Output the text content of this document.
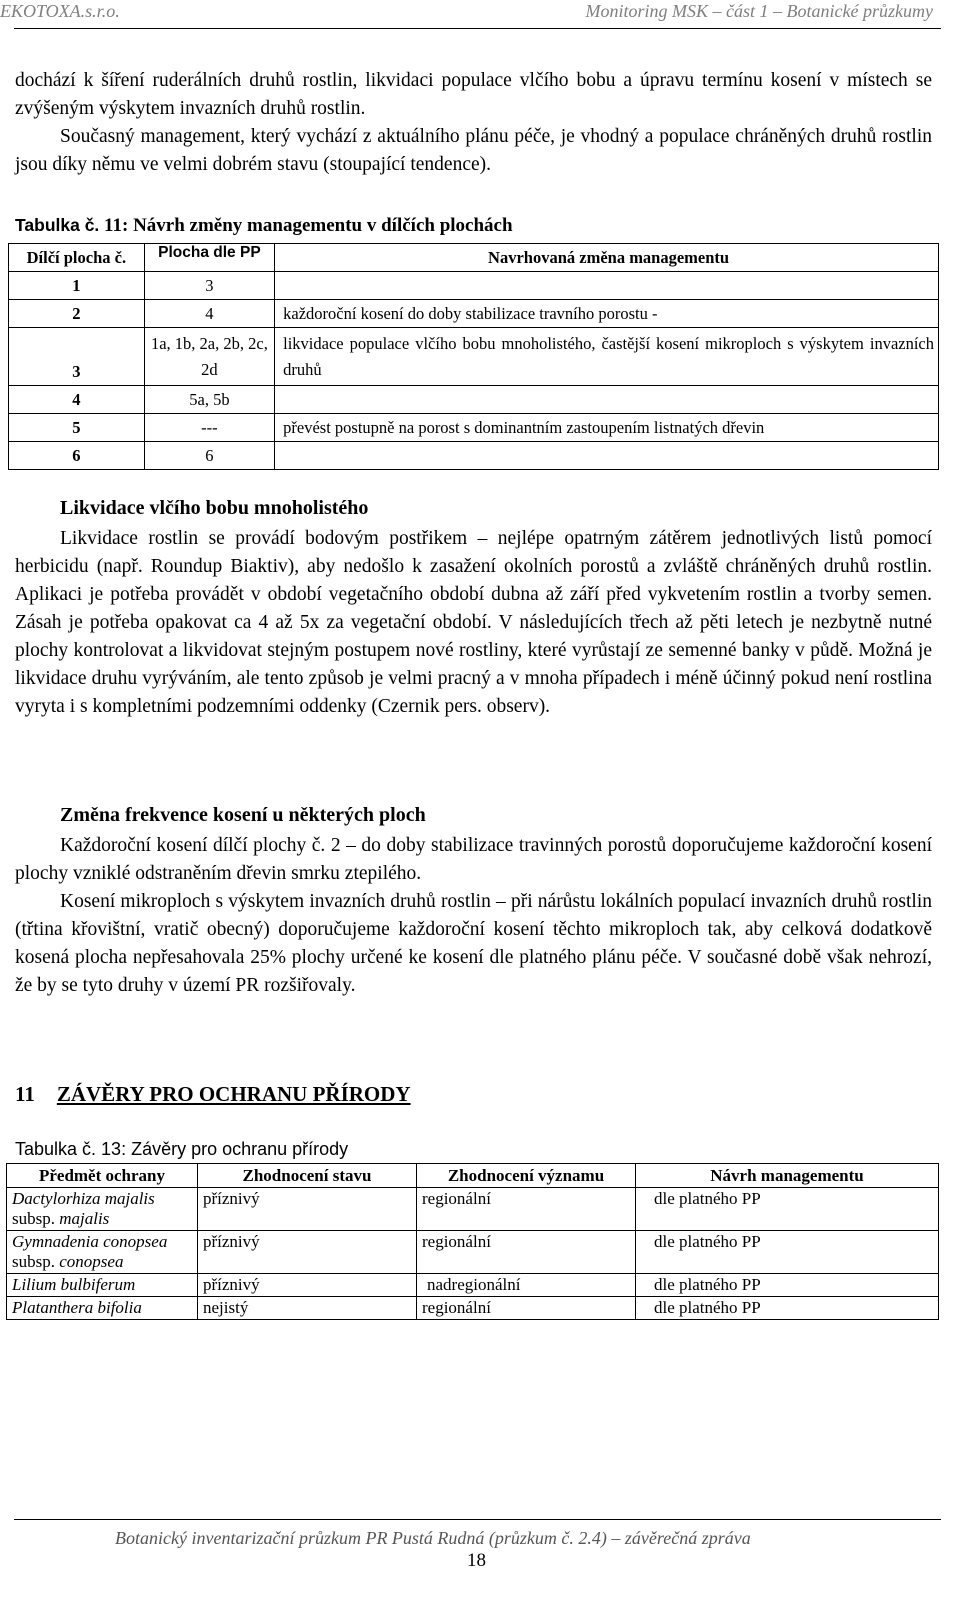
EKOTOXA.s.r.o.	Monitoring MSK – část 1 – Botanické průzkumy
dochází k šíření ruderálních druhů rostlin, likvidaci populace vlčího bobu a úpravu termínu kosení v místech se zvýšeným výskytem invazních druhů rostlin.
Současný management, který vychází z aktuálního plánu péče, je vhodný a populace chráněných druhů rostlin jsou díky němu ve velmi dobrém stavu (stoupající tendence).
Tabulka č. 11: Návrh změny managementu v dílčích plochách
Dílčí plocha č.	Plocha dle PP	Navrhovaná změna managementu
1	3	
2	4	každoroční kosení do doby stabilizace travního porostu -
3	1a, 1b, 2a, 2b, 2c, 2d	likvidace populace vlčího bobu mnoholistého, častější kosení mikroploch s výskytem invazních druhů
4	5a, 5b	
5	---	převést postupně na porost s dominantním zastoupením listnatých dřevin
6	6	
Likvidace vlčího bobu mnoholistého
Likvidace rostlin se provádí bodovým postřikem – nejlépe opatrným zátěrem jednotlivých listů pomocí herbicidu (např. Roundup Biaktiv), aby nedošlo k zasažení okolních porostů a zvláště chráněných druhů rostlin. Aplikaci je potřeba provádět v období vegetačního období dubna až září před vykvetením rostlin a tvorby semen. Zásah je potřeba opakovat ca 4 až 5x za vegetační období. V následujících třech až pěti letech je nezbytně nutné plochy kontrolovat a likvidovat stejným postupem nové rostliny, které vyrůstají ze semenné banky v půdě. Možná je likvidace druhu vyrýváním, ale tento způsob je velmi pracný a v mnoha případech i méně účinný pokud není rostlina vyryta i s kompletními podzemními oddenky (Czernik pers. observ).
Změna frekvence kosení u některých ploch
Každoroční kosení dílčí plochy č. 2 – do doby stabilizace travinných porostů doporučujeme každoroční kosení plochy vzniklé odstraněním dřevin smrku ztepilého.
Kosení mikroploch s výskytem invazních druhů rostlin – při nárůstu lokálních populací invazních druhů rostlin (třtina křovištní, vratič obecný) doporučujeme každoroční kosení těchto mikroploch tak, aby celková dodatkově kosená plocha nepřesahovala 25% plochy určené ke kosení dle platného plánu péče. V současné době však nehrozí, že by se tyto druhy v území PR rozšiřovaly.
11 ZÁVĚRY PRO OCHRANU PŘÍRODY
Tabulka č. 13: Závěry pro ochranu přírody
Předmět ochrany	Zhodnocení stavu	Zhodnocení významu	Návrh managementu
Dactylorhiza majalis subsp. majalis	příznivý	regionální	dle platného PP
Gymnadenia conopsea subsp. conopsea	příznivý	regionální	dle platného PP
Lilium bulbiferum	příznivý	nadregionální	dle platného PP
Platanthera bifolia	nejistý	regionální	dle platného PP
Botanický inventarizační průzkum PR Pustá Rudná (průzkum č. 2.4) – závěrečná zpráva
18
